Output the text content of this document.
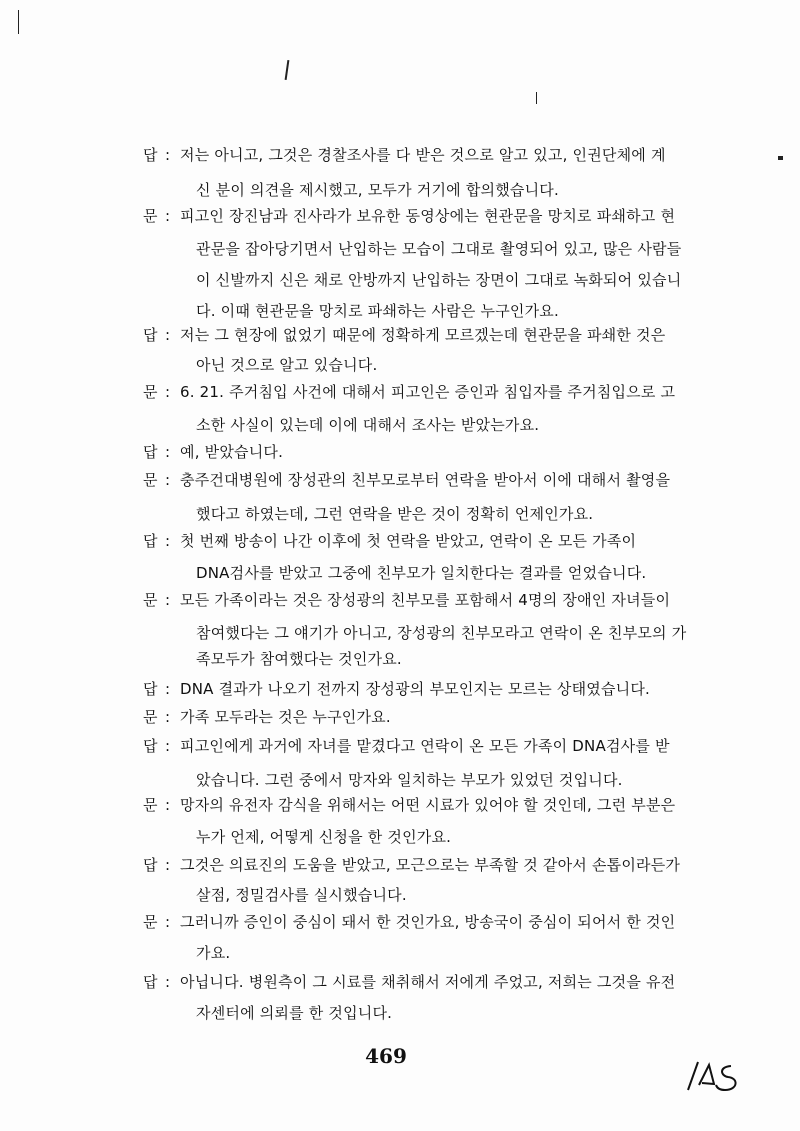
답 : 저는 아니고, 그것은 경찰조사를 다 받은 것으로 알고 있고, 인권단체에 계
신 분이 의견을 제시했고, 모두가 거기에 합의했습니다.
문 : 피고인 장진남과 진사라가 보유한 동영상에는 현관문을 망치로 파쇄하고 현
관문을 잡아당기면서 난입하는 모습이 그대로 촬영되어 있고, 많은 사람들
이 신발까지 신은 채로 안방까지 난입하는 장면이 그대로 녹화되어 있습니
다. 이때 현관문을 망치로 파쇄하는 사람은 누구인가요.
답 : 저는 그 현장에 없었기 때문에 정확하게 모르겠는데 현관문을 파쇄한 것은
아닌 것으로 알고 있습니다.
문 : 6. 21. 주거침입 사건에 대해서 피고인은 증인과 침입자를 주거침입으로 고
소한 사실이 있는데 이에 대해서 조사는 받았는가요.
답 : 예, 받았습니다.
문 : 충주건대병원에 장성관의 친부모로부터 연락을 받아서 이에 대해서 촬영을
했다고 하였는데, 그런 연락을 받은 것이 정확히 언제인가요.
답 : 첫 번째 방송이 나간 이후에 첫 연락을 받았고, 연락이 온 모든 가족이
DNA검사를 받았고 그중에 친부모가 일치한다는 결과를 얻었습니다.
문 : 모든 가족이라는 것은 장성광의 친부모를 포함해서 4명의 장애인 자녀들이
참여했다는 그 얘기가 아니고, 장성광의 친부모라고 연락이 온 친부모의 가
족모두가 참여했다는 것인가요.
답 : DNA 결과가 나오기 전까지 장성광의 부모인지는 모르는 상태였습니다.
문 : 가족 모두라는 것은 누구인가요.
답 : 피고인에게 과거에 자녀를 맡겼다고 연락이 온 모든 가족이 DNA검사를 받
았습니다. 그런 중에서 망자와 일치하는 부모가 있었던 것입니다.
문 : 망자의 유전자 감식을 위해서는 어떤 시료가 있어야 할 것인데, 그런 부분은
누가 언제, 어떻게 신청을 한 것인가요.
답 : 그것은 의료진의 도움을 받았고, 모근으로는 부족할 것 같아서 손톱이라든가
살점, 정밀검사를 실시했습니다.
문 : 그러니까 증인이 중심이 돼서 한 것인가요, 방송국이 중심이 되어서 한 것인
가요.
답 : 아닙니다. 병원측이 그 시료를 채취해서 저에게 주었고, 저희는 그것을 유전
자센터에 의뢰를 한 것입니다.
469
